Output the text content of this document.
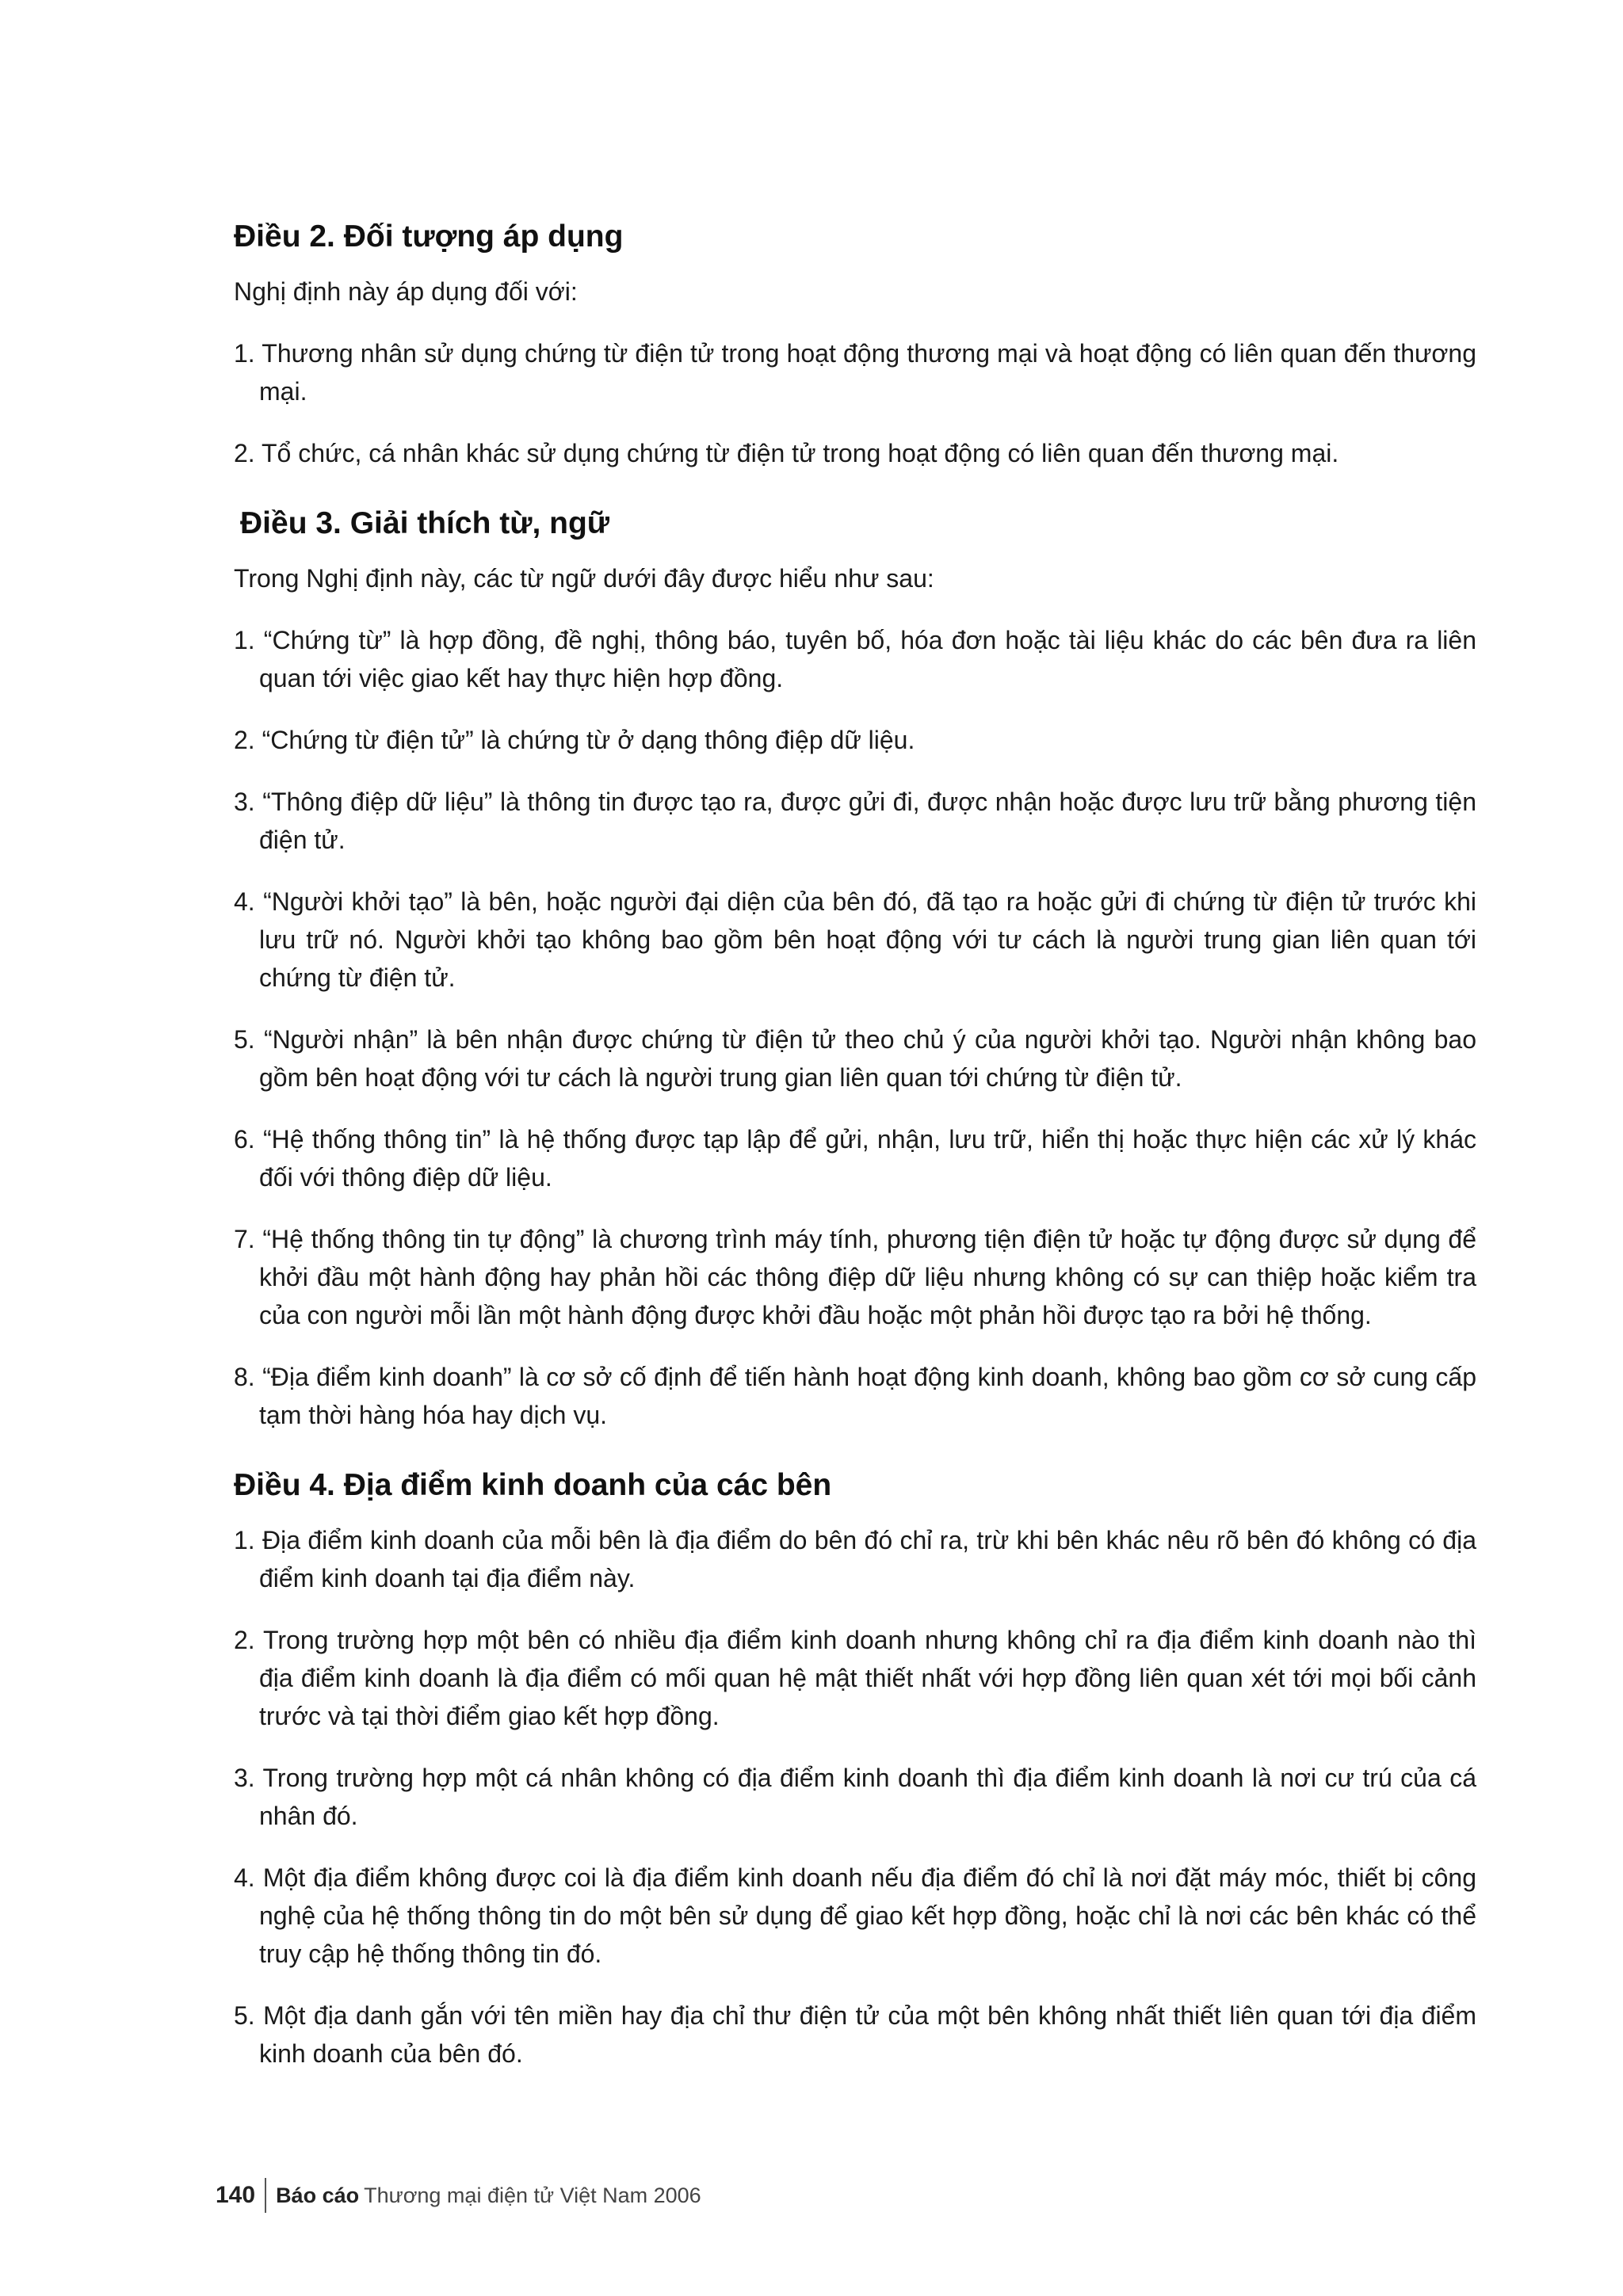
Điều 2. Đối tượng áp dụng

Nghị định này áp dụng đối với:

1. Thương nhân sử dụng chứng từ điện tử trong hoạt động thương mại và hoạt động có liên quan đến thương mại.
2. Tổ chức, cá nhân khác sử dụng chứng từ điện tử trong hoạt động có liên quan đến thương mại.
Điều 3. Giải thích từ, ngữ

Trong Nghị định này, các từ ngữ dưới đây được hiểu như sau:

1. “Chứng từ” là hợp đồng, đề nghị, thông báo, tuyên bố, hóa đơn hoặc tài liệu khác do các bên đưa ra liên quan tới việc giao kết hay thực hiện hợp đồng.
2. “Chứng từ điện tử” là chứng từ ở dạng thông điệp dữ liệu.
3. “Thông điệp dữ liệu” là thông tin được tạo ra, được gửi đi, được nhận hoặc được lưu trữ bằng phương tiện điện tử.
4. “Người khởi tạo” là bên, hoặc người đại diện của bên đó, đã tạo ra hoặc gửi đi chứng từ điện tử trước khi lưu trữ nó. Người khởi tạo không bao gồm bên hoạt động với tư cách là người trung gian liên quan tới chứng từ điện tử.
5. “Người nhận” là bên nhận được chứng từ điện tử theo chủ ý của người khởi tạo. Người nhận không bao gồm bên hoạt động với tư cách là người trung gian liên quan tới chứng từ điện tử.
6. “Hệ thống thông tin” là hệ thống được tạp lập để gửi, nhận, lưu trữ, hiển thị hoặc thực hiện các xử lý khác đối với thông điệp dữ liệu.
7. “Hệ thống thông tin tự động” là chương trình máy tính, phương tiện điện tử hoặc tự động được sử dụng để khởi đầu một hành động hay phản hồi các thông điệp dữ liệu nhưng không có sự can thiệp hoặc kiểm tra của con người mỗi lần một hành động được khởi đầu hoặc một phản hồi được tạo ra bởi hệ thống.
8. “Địa điểm kinh doanh” là cơ sở cố định để tiến hành hoạt động kinh doanh, không bao gồm cơ sở cung cấp tạm thời hàng hóa hay dịch vụ.
Điều 4. Địa điểm kinh doanh của các bên
1. Địa điểm kinh doanh của mỗi bên là địa điểm do bên đó chỉ ra, trừ khi bên khác nêu rõ bên đó không có địa điểm kinh doanh tại địa điểm này.
2. Trong trường hợp một bên có nhiều địa điểm kinh doanh nhưng không chỉ ra địa điểm kinh doanh nào thì địa điểm kinh doanh là địa điểm có mối quan hệ mật thiết nhất với hợp đồng liên quan xét tới mọi bối cảnh trước và tại thời điểm giao kết hợp đồng.
3. Trong trường hợp một cá nhân không có địa điểm kinh doanh thì địa điểm kinh doanh là nơi cư trú của cá nhân đó.
4. Một địa điểm không được coi là địa điểm kinh doanh nếu địa điểm đó chỉ là nơi đặt máy móc, thiết bị công nghệ của hệ thống thông tin do một bên sử dụng để giao kết hợp đồng, hoặc chỉ là nơi các bên khác có thể truy cập hệ thống thông tin đó.
5. Một địa danh gắn với tên miền hay địa chỉ thư điện tử của một bên không nhất thiết liên quan tới địa điểm kinh doanh của bên đó.
140 Báo cáo Thương mại điện tử Việt Nam 2006
